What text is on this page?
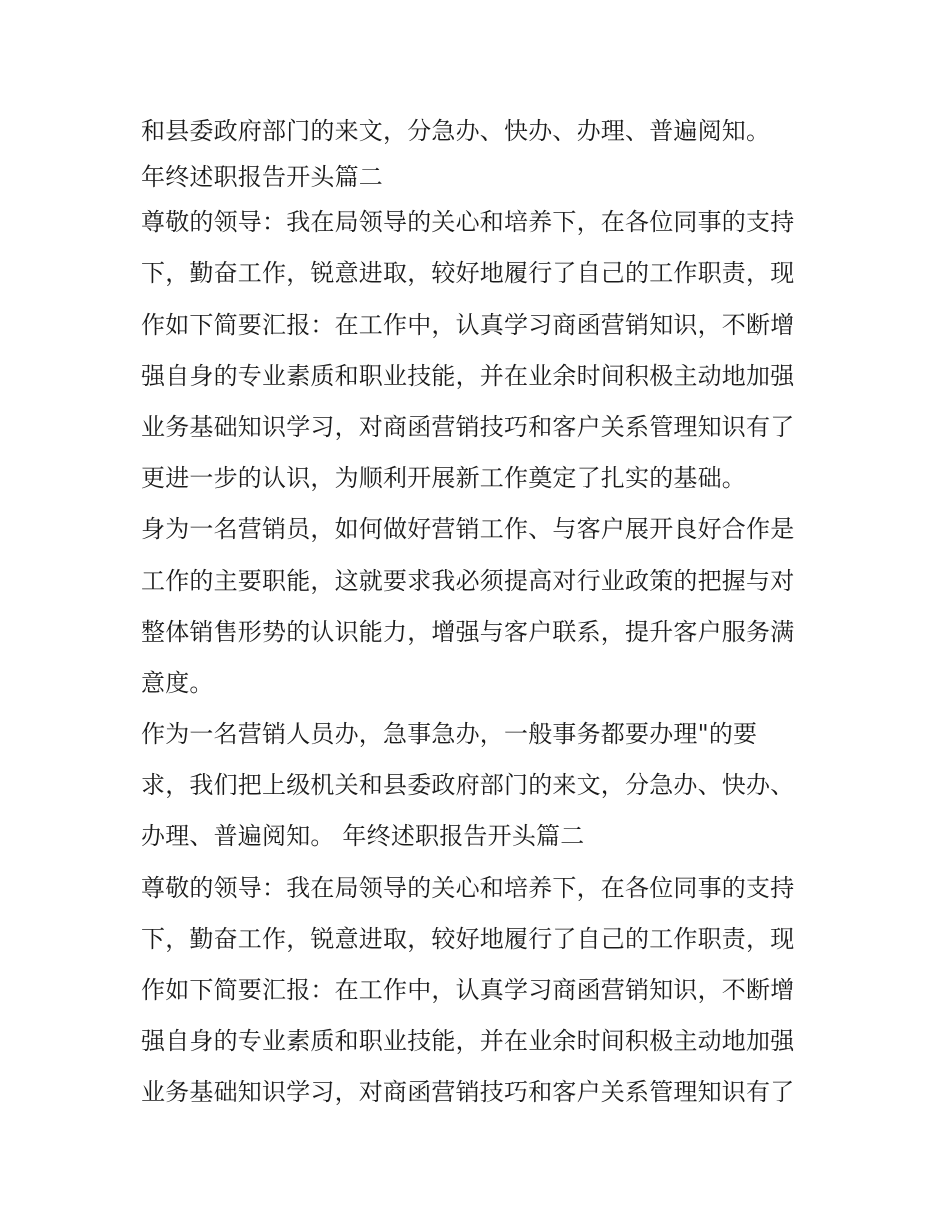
和县委政府部门的来文，分急办、快办、办理、普遍阅知。
年终述职报告开头篇二
尊敬的领导：我在局领导的关心和培养下，在各位同事的支持
下，勤奋工作，锐意进取，较好地履行了自己的工作职责，现
作如下简要汇报：在工作中，认真学习商函营销知识，不断增
强自身的专业素质和职业技能，并在业余时间积极主动地加强
业务基础知识学习，对商函营销技巧和客户关系管理知识有了
更进一步的认识，为顺利开展新工作奠定了扎实的基础。
身为一名营销员，如何做好营销工作、与客户展开良好合作是
工作的主要职能，这就要求我必须提高对行业政策的把握与对
整体销售形势的认识能力，增强与客户联系，提升客户服务满
意度。
作为一名营销人员办，急事急办，一般事务都要办理"的要
求，我们把上级机关和县委政府部门的来文，分急办、快办、
办理、普遍阅知。 年终述职报告开头篇二
尊敬的领导：我在局领导的关心和培养下，在各位同事的支持
下，勤奋工作，锐意进取，较好地履行了自己的工作职责，现
作如下简要汇报：在工作中，认真学习商函营销知识，不断增
强自身的专业素质和职业技能，并在业余时间积极主动地加强
业务基础知识学习，对商函营销技巧和客户关系管理知识有了
